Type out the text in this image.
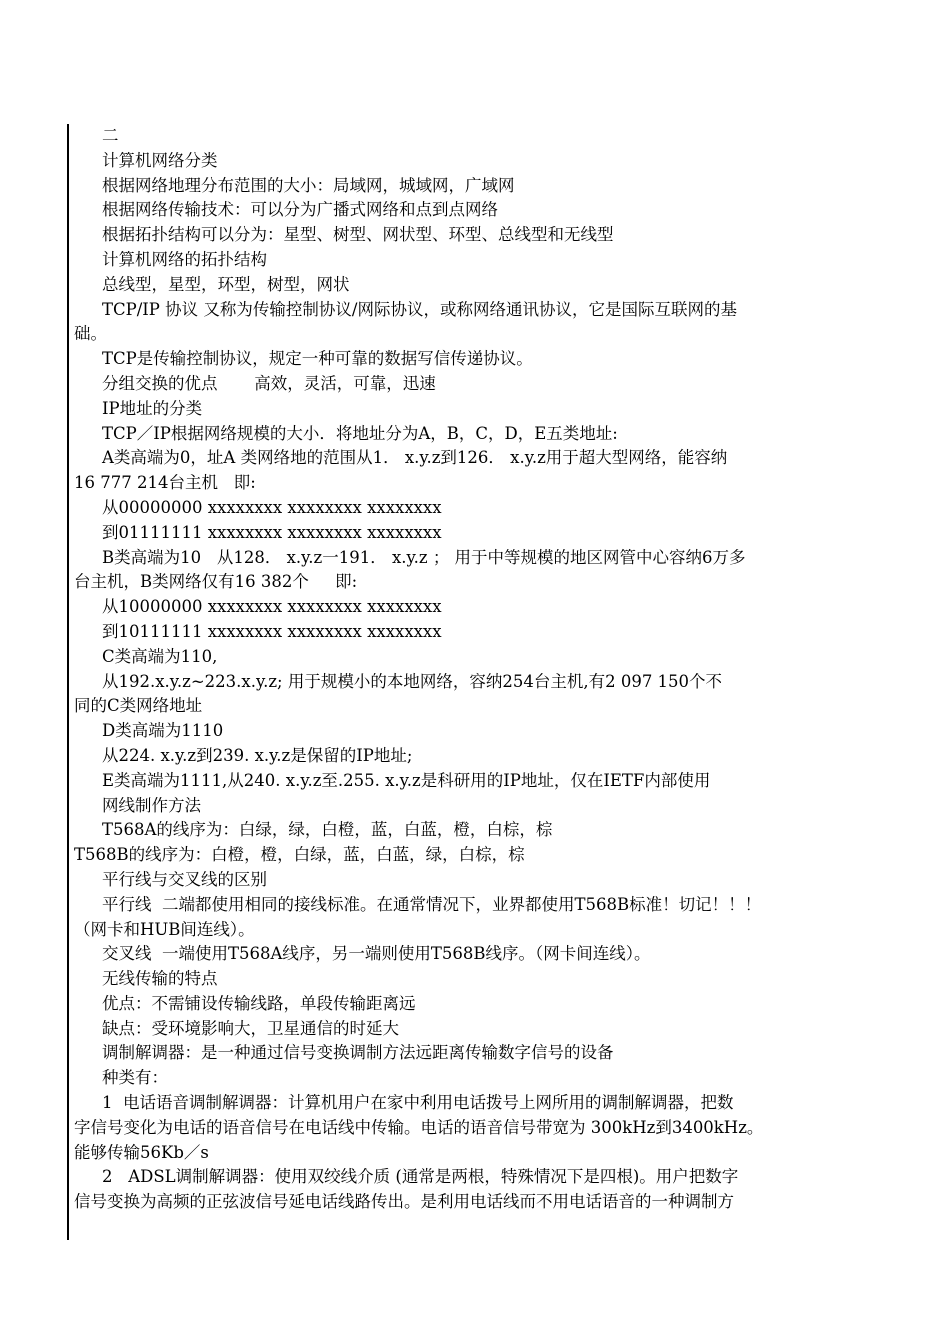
二
计算机网络分类
根据网络地理分布范围的大小：局域网，城域网，广域网
根据网络传输技术：可以分为广播式网络和点到点网络
根据拓扑结构可以分为：星型、树型、网状型、环型、总线型和无线型
计算机网络的拓扑结构
总线型，星型，环型，树型，网状
TCP/IP 协议 又称为传输控制协议/网际协议，或称网络通讯协议，它是国际互联网的基
础。
TCP是传输控制协议，规定一种可靠的数据写信传递协议。
分组交换的优点       高效，灵活，可靠，迅速
IP地址的分类
TCP／IP根据网络规模的大小．将地址分为A，B，C，D，E五类地址:
A类高端为0，址A 类网络地的范围从1． x.y.z到126． x.y.z用于超大型网络，能容纳
16 777 214台主机   即:
从00000000 xxxxxxxx xxxxxxxx xxxxxxxx
到01111111 xxxxxxxx xxxxxxxx xxxxxxxx
B类高端为10   从128． x.y.z一191． x.y.z ； 用于中等规模的地区网管中心容纳6万多
台主机，B类网络仅有16 382个     即:
从10000000 xxxxxxxx xxxxxxxx xxxxxxxx
到10111111 xxxxxxxx xxxxxxxx xxxxxxxx
C类高端为110,
从192.x.y.z~223.x.y.z; 用于规模小的本地网络，容纳254台主机,有2 097 150个不
同的C类网络地址
D类高端为1110
从224. x.y.z到239. x.y.z是保留的IP地址;
E类高端为1111,从240. x.y.z至.255. x.y.z是科研用的IP地址，仅在IETF内部使用
网线制作方法
T568A的线序为：白绿，绿，白橙，蓝，白蓝，橙，白棕，棕
T568B的线序为：白橙，橙，白绿，蓝，白蓝，绿，白棕，棕
平行线与交叉线的区别
平行线  二端都使用相同的接线标准。在通常情况下，业界都使用T568B标准！切记！！！
（网卡和HUB间连线）。
交叉线  一端使用T568A线序，另一端则使用T568B线序。（网卡间连线）。
无线传输的特点
优点：不需铺设传输线路，单段传输距离远
缺点：受环境影响大，卫星通信的时延大
调制解调器：是一种通过信号变换调制方法远距离传输数字信号的设备
种类有：
1  电话语音调制解调器：计算机用户在家中利用电话拨号上网所用的调制解调器，把数
字信号变化为电话的语音信号在电话线中传输。电话的语音信号带宽为 300kHz到3400kHz。
能够传输56Kb／s
2   ADSL调制解调器：使用双绞线介质 (通常是两根，特殊情况下是四根)。用户把数字
信号变换为高频的正弦波信号延电话线路传出。是利用电话线而不用电话语音的一种调制方
